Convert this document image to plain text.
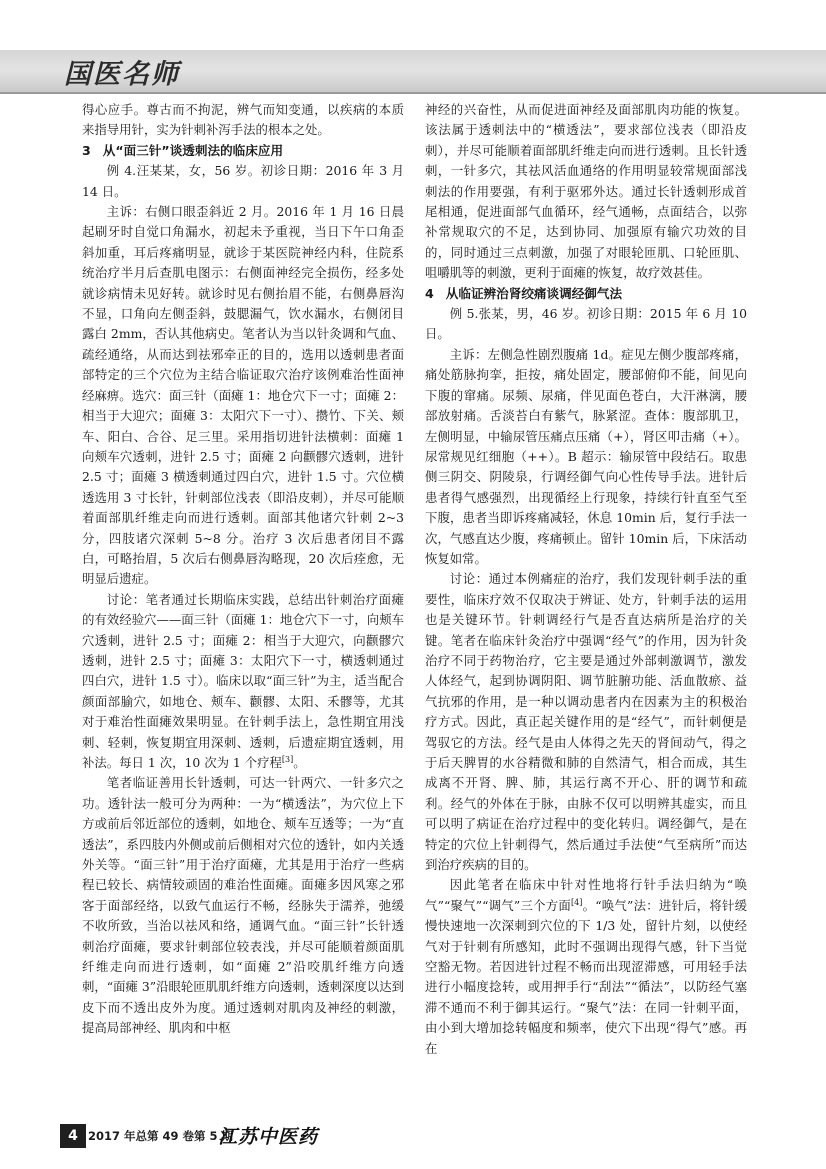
国医名师

得心应手。尊古而不拘泥，辨气而知变通，以疾病的本质来指导用针，实为针刺补泻手法的根本之处。

3 从“面三针”谈透刺法的临床应用

例 4.汪某某，女，56 岁。初诊日期：2016 年 3 月 14 日。

主诉：右侧口眼歪斜近 2 月。2016 年 1 月 16 日晨起刷牙时自觉口角漏水，初起未予重视，当日下午口角歪斜加重，耳后疼痛明显，就诊于某医院神经内科，住院系统治疗半月后查肌电图示：右侧面神经完全损伤，经多处就诊病情未见好转。就诊时见右侧抬眉不能，右侧鼻唇沟不显，口角向左侧歪斜，鼓腮漏气，饮水漏水，右侧闭目露白 2mm，否认其他病史。笔者认为当以针灸调和气血、疏经通络，从而达到祛邪牵正的目的，选用以透刺患者面部特定的三个穴位为主结合临证取穴治疗该例难治性面神经麻痹。选穴：面三针（面瘫 1：地仓穴下一寸；面瘫 2：相当于大迎穴；面瘫 3：太阳穴下一寸）、攒竹、下关、颊车、阳白、合谷、足三里。采用指切进针法横刺：面瘫 1 向颊车穴透刺，进针 2.5 寸；面瘫 2 向颧髎穴透刺，进针 2.5 寸；面瘫 3 横透刺通过四白穴，进针 1.5 寸。穴位横透选用 3 寸长针，针刺部位浅表（即沿皮刺），并尽可能顺着面部肌纤维走向而进行透刺。面部其他诸穴针刺 2~3 分，四肢诸穴深刺 5~8 分。治疗 3 次后患者闭目不露白，可略抬眉，5 次后右侧鼻唇沟略现，20 次后痊愈，无明显后遗症。

讨论：笔者通过长期临床实践，总结出针刺治疗面瘫的有效经验穴——面三针（面瘫 1：地仓穴下一寸，向颊车穴透刺，进针 2.5 寸；面瘫 2：相当于大迎穴，向颧髎穴透刺，进针 2.5 寸；面瘫 3：太阳穴下一寸，横透刺通过四白穴，进针 1.5 寸）。临床以取“面三针”为主，适当配合颜面部腧穴，如地仓、颊车、颧髎、太阳、禾髎等，尤其对于难治性面瘫效果明显。在针刺手法上，急性期宜用浅刺、轻刺，恢复期宜用深刺、透刺，后遗症期宜透刺，用补法。每日 1 次，10 次为 1 个疗程[3]。

笔者临证善用长针透刺，可达一针两穴、一针多穴之功。透针法一般可分为两种：一为“横透法”，为穴位上下方或前后邻近部位的透刺，如地仓、颊车互透等；一为“直透法”，系四肢内外侧或前后侧相对穴位的透针，如内关透外关等。“面三针”用于治疗面瘫，尤其是用于治疗一些病程已较长、病情较顽固的难治性面瘫。面瘫多因风寒之邪客于面部经络，以致气血运行不畅，经脉失于濡养，弛缓不收所致，当治以祛风和络，通调气血。“面三针”长针透刺治疗面瘫，要求针刺部位较表浅，并尽可能顺着颜面肌纤维走向而进行透刺，如“面瘫 2”沿咬肌纤维方向透刺，“面瘫 3”沿眼轮匝肌肌纤维方向透刺，透刺深度以达到皮下而不透出皮外为度。通过透刺对肌肉及神经的刺激，提高局部神经、肌肉和中枢

神经的兴奋性，从而促进面神经及面部肌肉功能的恢复。该法属于透刺法中的“横透法”，要求部位浅表（即沿皮刺），并尽可能顺着面部肌纤维走向而进行透刺。且长针透刺，一针多穴，其祛风活血通络的作用明显较常规面部浅刺法的作用要强，有利于驱邪外达。通过长针透刺形成首尾相通，促进面部气血循环，经气通畅，点面结合，以弥补常规取穴的不足，达到协同、加强原有输穴功效的目的，同时通过三点刺激，加强了对眼轮匝肌、口轮匝肌、咀嚼肌等的刺激，更利于面瘫的恢复，故疗效甚佳。

4 从临证辨治肾绞痛谈调经御气法

例 5.张某，男，46 岁。初诊日期：2015 年 6 月 10 日。

主诉：左侧急性剧烈腹痛 1d。症见左侧少腹部疼痛，痛处筋脉拘挛，拒按，痛处固定，腰部俯仰不能，间见向下腹的窜痛。尿频、尿痛，伴见面色苍白，大汗淋漓，腰部放射痛。舌淡苔白有紫气，脉紧涩。查体：腹部肌卫，左侧明显，中输尿管压痛点压痛（+），肾区叩击痛（+）。尿常规见红细胞（++）。B 超示：输尿管中段结石。取患侧三阴交、阴陵泉，行调经御气向心性传导手法。进针后患者得气感强烈，出现循经上行现象，持续行针直至气至下腹，患者当即诉疼痛减轻，休息 10min 后，复行手法一次，气感直达少腹，疼痛顿止。留针 10min 后，下床活动恢复如常。

讨论：通过本例痛症的治疗，我们发现针刺手法的重要性，临床疗效不仅取决于辨证、处方，针刺手法的运用也是关键环节。针刺调经行气是否直达病所是治疗的关键。笔者在临床针灸治疗中强调“经气”的作用，因为针灸治疗不同于药物治疗，它主要是通过外部刺激调节，激发人体经气，起到协调阴阳、调节脏腑功能、活血散瘀、益气抗邪的作用，是一种以调动患者内在因素为主的积极治疗方式。因此，真正起关键作用的是“经气”，而针刺便是驾驭它的方法。经气是由人体得之先天的肾间动气，得之于后天脾胃的水谷精微和肺的自然清气，相合而成，其生成离不开肾、脾、肺，其运行离不开心、肝的调节和疏利。经气的外体在于脉，由脉不仅可以明辨其虚实，而且可以明了病证在治疗过程中的变化转归。调经御气，是在特定的穴位上针刺得气，然后通过手法使“气至病所”而达到治疗疾病的目的。

因此笔者在临床中针对性地将行针手法归纳为“唤气”“聚气”“调气”三个方面[4]。“唤气”法：进针后，将针缓慢快速地一次深刺到穴位的下 1/3 处，留针片刻，以使经气对于针刺有所感知，此时不强调出现得气感，针下当觉空豁无物。若因进针过程不畅而出现涩滞感，可用轻手法进行小幅度捻转，或用押手行“刮法”“循法”，以防经气塞滞不通而不利于御其运行。“聚气”法：在同一针刺平面，由小到大增加捻转幅度和频率，使穴下出现“得气”感。再在

4 2017 年总第 49 卷第 5 期
江苏中医药
